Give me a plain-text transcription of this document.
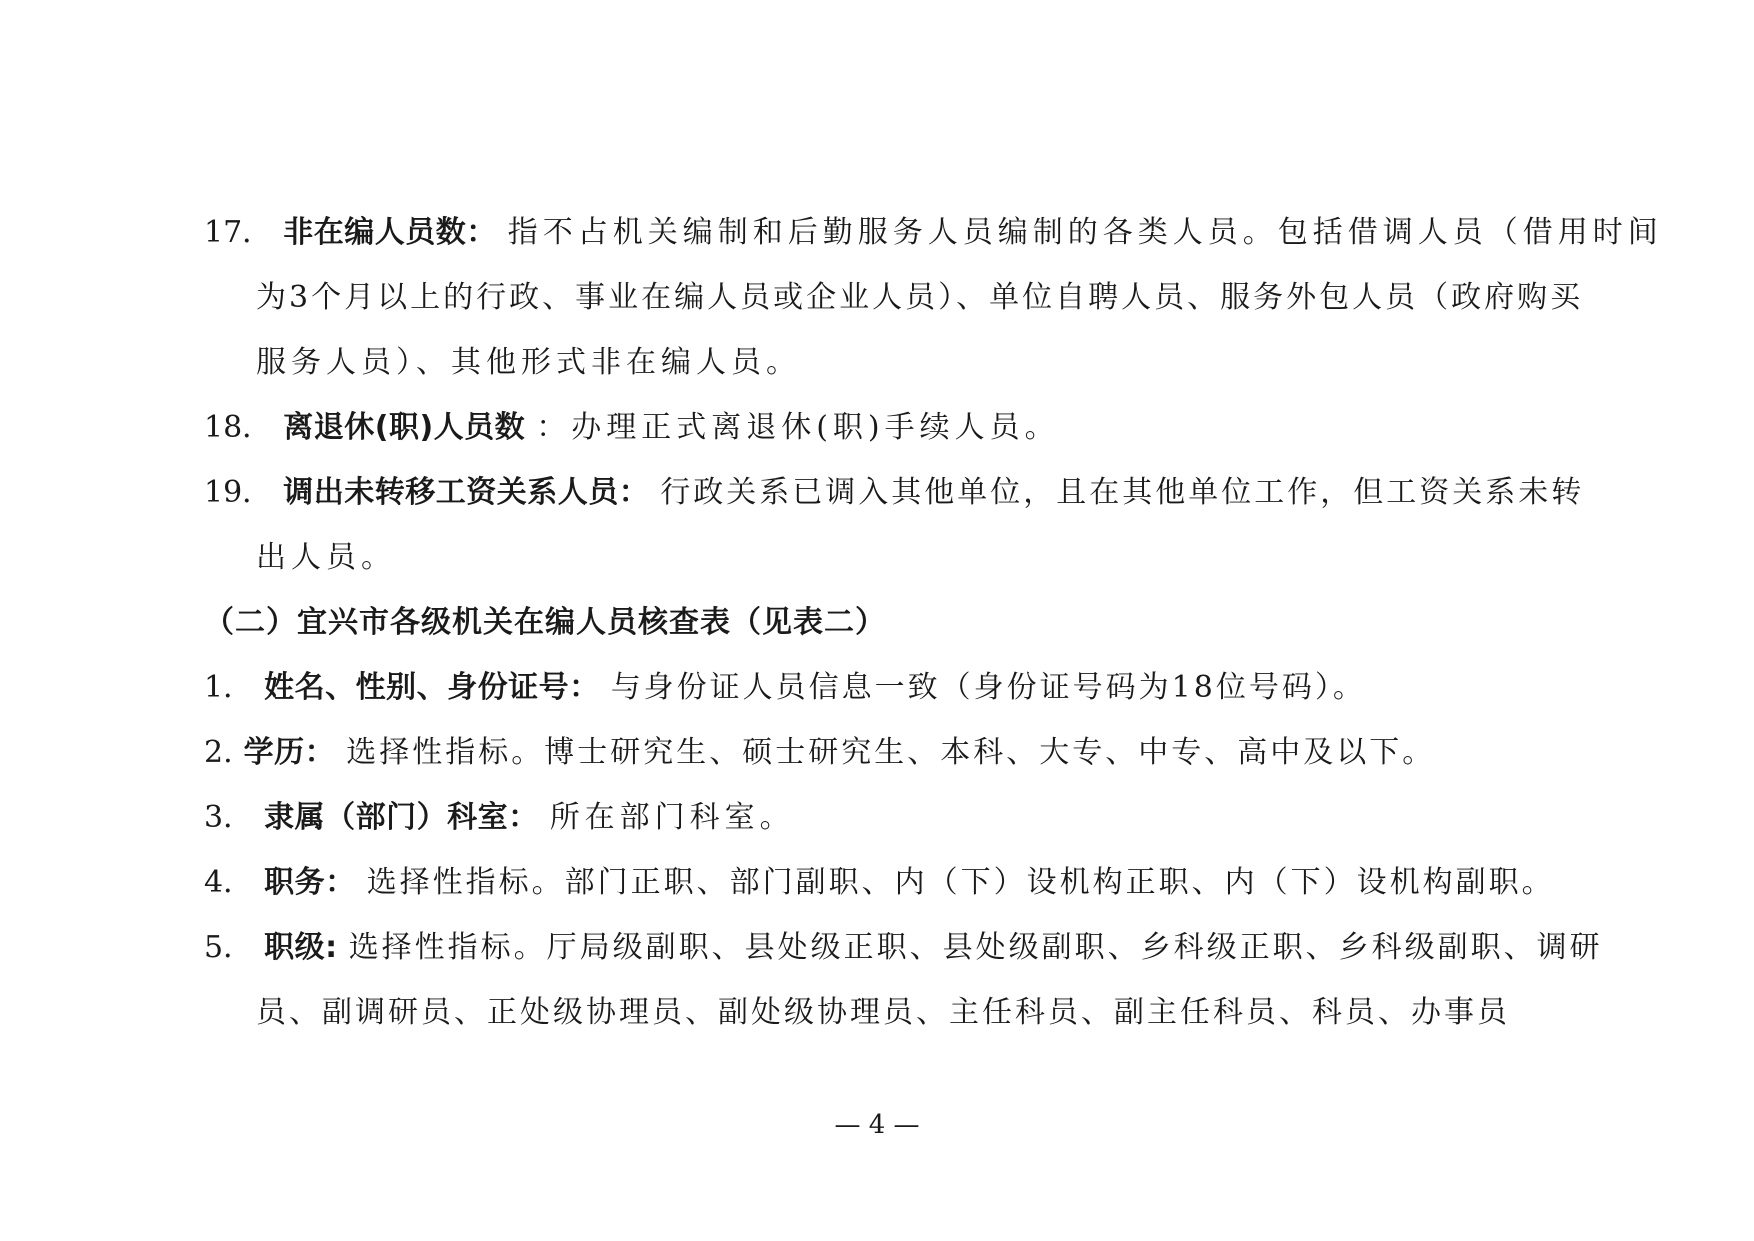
17． 非在编人员数： 指不占机关编制和后勤服务人员编制的各类人员。包括借调人员（借用时间
为3个月以上的行政、事业在编人员或企业人员）、单位自聘人员、服务外包人员（政府购买
服务人员）、其他形式非在编人员。
18． 离退休(职)人员数 ：办理正式离退休(职)手续人员。
19． 调出未转移工资关系人员： 行政关系已调入其他单位，且在其他单位工作，但工资关系未转
出人员。
（二）宜兴市各级机关在编人员核查表（见表二）
1． 姓名、性别、身份证号： 与身份证人员信息一致（身份证号码为18位号码）。
2. 学历： 选择性指标。博士研究生、硕士研究生、本科、大专、中专、高中及以下。
3． 隶属（部门）科室： 所在部门科室。
4． 职务： 选择性指标。部门正职、部门副职、内（下）设机构正职、内（下）设机构副职。
5． 职级: 选择性指标。厅局级副职、县处级正职、县处级副职、乡科级正职、乡科级副职、调研
员、副调研员、正处级协理员、副处级协理员、主任科员、副主任科员、科员、办事员
— 4 —
